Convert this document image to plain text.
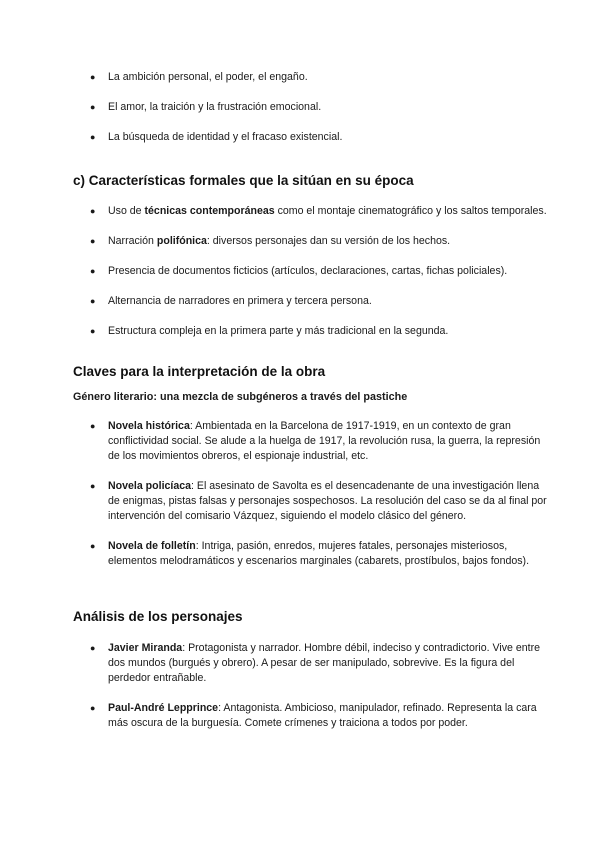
● La ambición personal, el poder, el engaño.
● El amor, la traición y la frustración emocional.
● La búsqueda de identidad y el fracaso existencial.
c) Características formales que la sitúan en su época
● Uso de técnicas contemporáneas como el montaje cinematográfico y los saltos temporales.
● Narración polifónica: diversos personajes dan su versión de los hechos.
● Presencia de documentos ficticios (artículos, declaraciones, cartas, fichas policiales).
● Alternancia de narradores en primera y tercera persona.
● Estructura compleja en la primera parte y más tradicional en la segunda.
Claves para la interpretación de la obra
Género literario: una mezcla de subgéneros a través del pastiche
● Novela histórica: Ambientada en la Barcelona de 1917-1919, en un contexto de gran conflictividad social. Se alude a la huelga de 1917, la revolución rusa, la guerra, la represión de los movimientos obreros, el espionaje industrial, etc.
● Novela policíaca: El asesinato de Savolta es el desencadenante de una investigación llena de enigmas, pistas falsas y personajes sospechosos. La resolución del caso se da al final por intervención del comisario Vázquez, siguiendo el modelo clásico del género.
● Novela de folletín: Intriga, pasión, enredos, mujeres fatales, personajes misteriosos, elementos melodramáticos y escenarios marginales (cabarets, prostíbulos, bajos fondos).
Análisis de los personajes
● Javier Miranda: Protagonista y narrador. Hombre débil, indeciso y contradictorio. Vive entre dos mundos (burgués y obrero). A pesar de ser manipulado, sobrevive. Es la figura del perdedor entrañable.
● Paul-André Lepprince: Antagonista. Ambicioso, manipulador, refinado. Representa la cara más oscura de la burguesía. Comete crímenes y traiciona a todos por poder.
